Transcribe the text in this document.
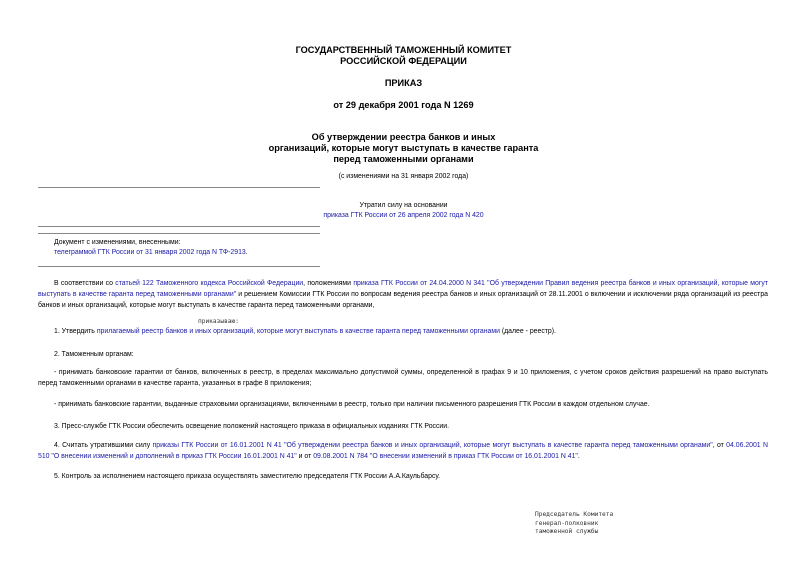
ГОСУДАРСТВЕННЫЙ ТАМОЖЕННЫЙ КОМИТЕТ
РОССИЙСКОЙ ФЕДЕРАЦИИ
ПРИКАЗ
от 29 декабря 2001 года N 1269
Об утверждении реестра банков и иных
организаций, которые могут выступать в качестве гаранта
перед таможенными органами
(с изменениями на 31 января 2002 года)
Утратил силу на основании
приказа ГТК России от 26 апреля 2002 года N 420
Документ с изменениями, внесенными:
телеграммой ГТК России от 31 января 2002 года N ТФ-2913.
В соответствии со статьей 122 Таможенного кодекса Российской Федерации, положениями приказа ГТК России от 24.04.2000 N 341 "Об утверждении Правил ведения реестра банков и иных организаций, которые могут выступать в качестве гаранта перед таможенными органами" и решением Комиссии ГТК России по вопросам ведения реестра банков и иных организаций от 28.11.2001 о включении и исключении ряда организаций из реестра банков и иных организаций, которые могут выступать в качестве гаранта перед таможенными органами,
приказываю:
1. Утвердить прилагаемый реестр банков и иных организаций, которые могут выступать в качестве гаранта перед таможенными органами (далее - реестр).
2. Таможенным органам:
- принимать банковские гарантии от банков, включенных в реестр, в пределах максимально допустимой суммы, определенной в графах 9 и 10 приложения, с учетом сроков действия разрешений на право выступать перед таможенными органами в качестве гаранта, указанных в графе 8 приложения;
- принимать банковские гарантии, выданные страховыми организациями, включенными в реестр, только при наличии письменного разрешения ГТК России в каждом отдельном случае.
3. Пресс-службе ГТК России обеспечить освещение положений настоящего приказа в официальных изданиях ГТК России.
4. Считать утратившими силу приказы ГТК России от 16.01.2001 N 41 "Об утверждении реестра банков и иных организаций, которые могут выступать в качестве гаранта перед таможенными органами", от 04.06.2001 N 510 "О внесении изменений и дополнений в приказ ГТК России 16.01.2001 N 41" и от 09.08.2001 N 784 "О внесении изменений в приказ ГТК России от 16.01.2001 N 41".
5. Контроль за исполнением настоящего приказа осуществлять заместителю председателя ГТК России А.А.Каульбарсу.
Председатель Комитета
генерал-полковник
таможенной службы
